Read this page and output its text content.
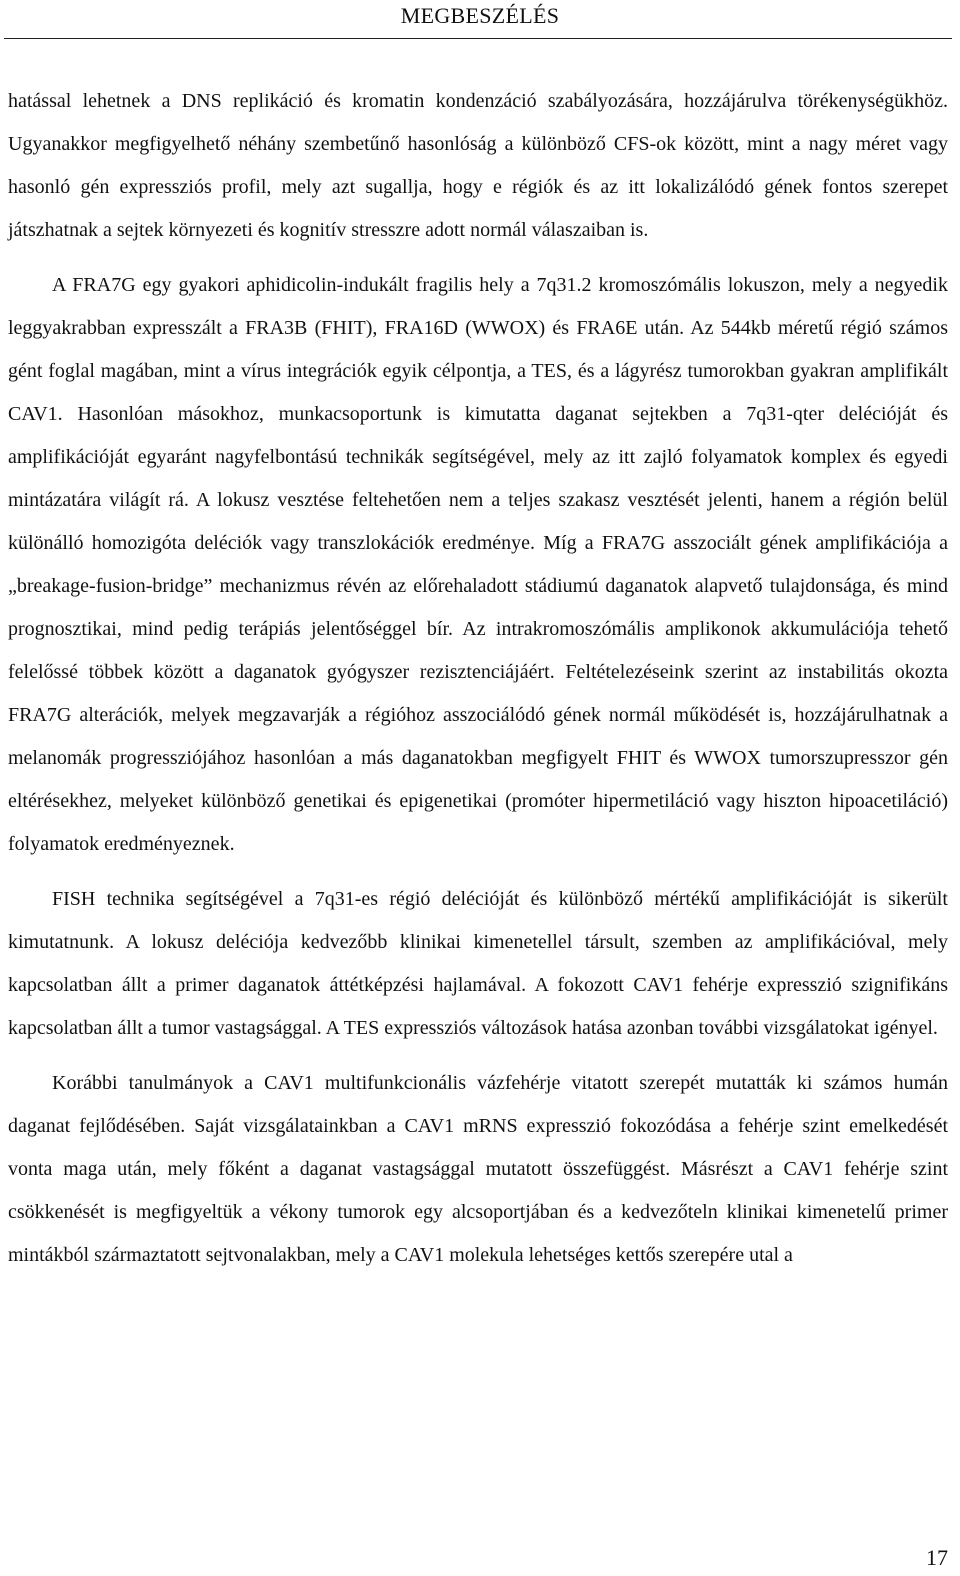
MEGBESZÉLÉS

hatással lehetnek a DNS replikáció és kromatin kondenzáció szabályozására, hozzájárulva törékenységükhöz. Ugyanakkor megfigyelhető néhány szembetűnő hasonlóság a különböző CFS-ok között, mint a nagy méret vagy hasonló gén expressziós profil, mely azt sugallja, hogy e régiók és az itt lokalizálódó gének fontos szerepet játszhatnak a sejtek környezeti és kognitív stresszre adott normál válaszaiban is.

A FRA7G egy gyakori aphidicolin-indukált fragilis hely a 7q31.2 kromoszómális lokuszon, mely a negyedik leggyakrabban expresszált a FRA3B (FHIT), FRA16D (WWOX) és FRA6E után. Az 544kb méretű régió számos gént foglal magában, mint a vírus integrációk egyik célpontja, a TES, és a lágyrész tumorokban gyakran amplifikált CAV1. Hasonlóan másokhoz, munkacsoportunk is kimutatta daganat sejtekben a 7q31-qter delécióját és amplifikációját egyaránt nagyfelbontású technikák segítségével, mely az itt zajló folyamatok komplex és egyedi mintázatára világít rá. A lokusz vesztése feltehetően nem a teljes szakasz vesztését jelenti, hanem a régión belül különálló homozigóta deléciók vagy transzlokációk eredménye. Míg a FRA7G asszociált gének amplifikációja a „breakage-fusion-bridge” mechanizmus révén az előrehaladott stádiumú daganatok alapvető tulajdonsága, és mind prognosztikai, mind pedig terápiás jelentőséggel bír. Az intrakromoszómális amplikonok akkumulációja tehető felelőssé többek között a daganatok gyógyszer rezisztenciájáért. Feltételezéseink szerint az instabilitás okozta FRA7G alterációk, melyek megzavarják a régióhoz asszociálódó gének normál működését is, hozzájárulhatnak a melanomák progressziójához hasonlóan a más daganatokban megfigyelt FHIT és WWOX tumorszupresszor gén eltérésekhez, melyeket különböző genetikai és epigenetikai (promóter hipermetiláció vagy hiszton hipoacetiláció) folyamatok eredményeznek.

FISH technika segítségével a 7q31-es régió delécióját és különböző mértékű amplifikációját is sikerült kimutatnunk. A lokusz deléciója kedvezőbb klinikai kimenetellel társult, szemben az amplifikációval, mely kapcsolatban állt a primer daganatok áttétképzési hajlamával. A fokozott CAV1 fehérje expresszió szignifikáns kapcsolatban állt a tumor vastagsággal. A TES expressziós változások hatása azonban további vizsgálatokat igényel.

Korábbi tanulmányok a CAV1 multifunkcionális vázfehérje vitatott szerepét mutatták ki számos humán daganat fejlődésében. Saját vizsgálatainkban a CAV1 mRNS expresszió fokozódása a fehérje szint emelkedését vonta maga után, mely főként a daganat vastagsággal mutatott összefüggést. Másrészt a CAV1 fehérje szint csökkenését is megfigyeltük a vékony tumorok egy alcsoportjában és a kedvezőteln klinikai kimenetelű primer mintákból származtatott sejtvonalakban, mely a CAV1 molekula lehetséges kettős szerepére utal a

17
